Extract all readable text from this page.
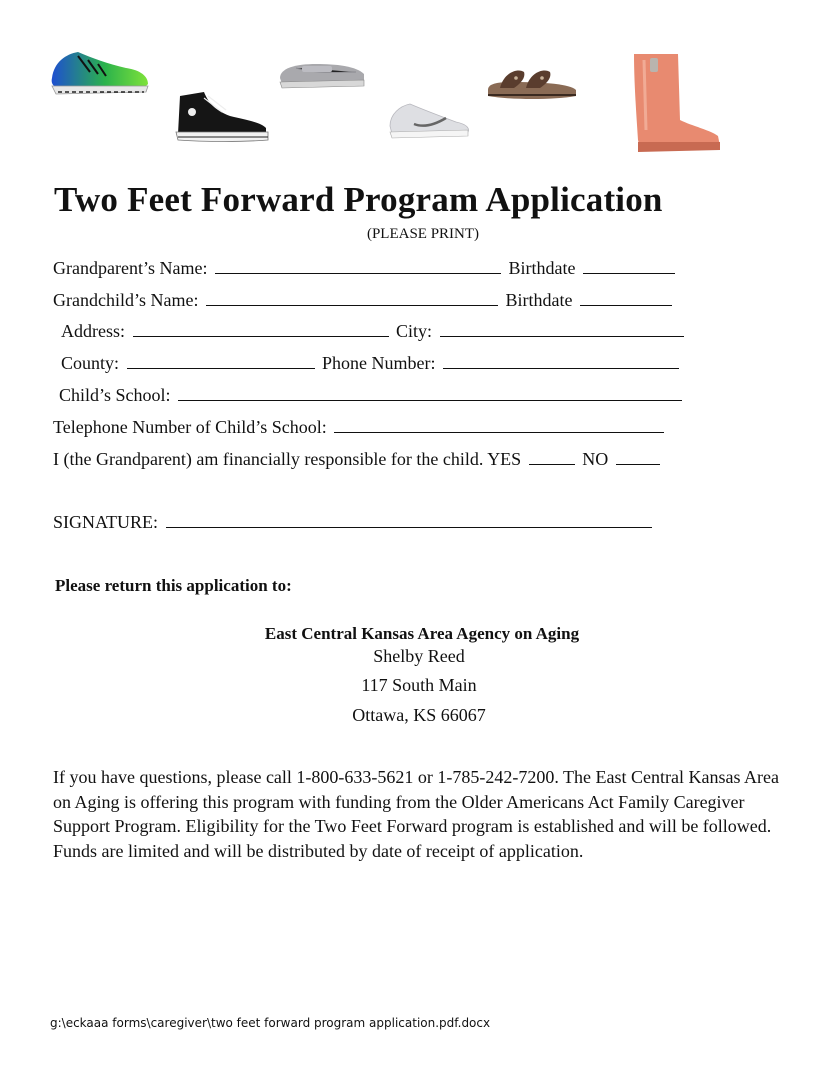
Two Feet Forward Program Application
(PLEASE PRINT)
Grandparent’s Name:	Birthdate
Grandchild’s Name:	Birthdate
Address:	City:
County:	Phone Number:
Child’s School:
Telephone Number of Child’s School:
I (the Grandparent) am financially responsible for the child. YES	NO
SIGNATURE:
Please return this application to:
East Central Kansas Area Agency on Aging
Shelby Reed
117 South Main
Ottawa, KS 66067
If you have questions, please call 1-800-633-5621 or 1-785-242-7200. The East Central Kansas Area on Aging is offering this program with funding from the Older Americans Act Family Caregiver Support Program. Eligibility for the Two Feet Forward program is established and will be followed. Funds are limited and will be distributed by date of receipt of application.
g:\eckaaa forms\caregiver\two feet forward program application.pdf.docx
